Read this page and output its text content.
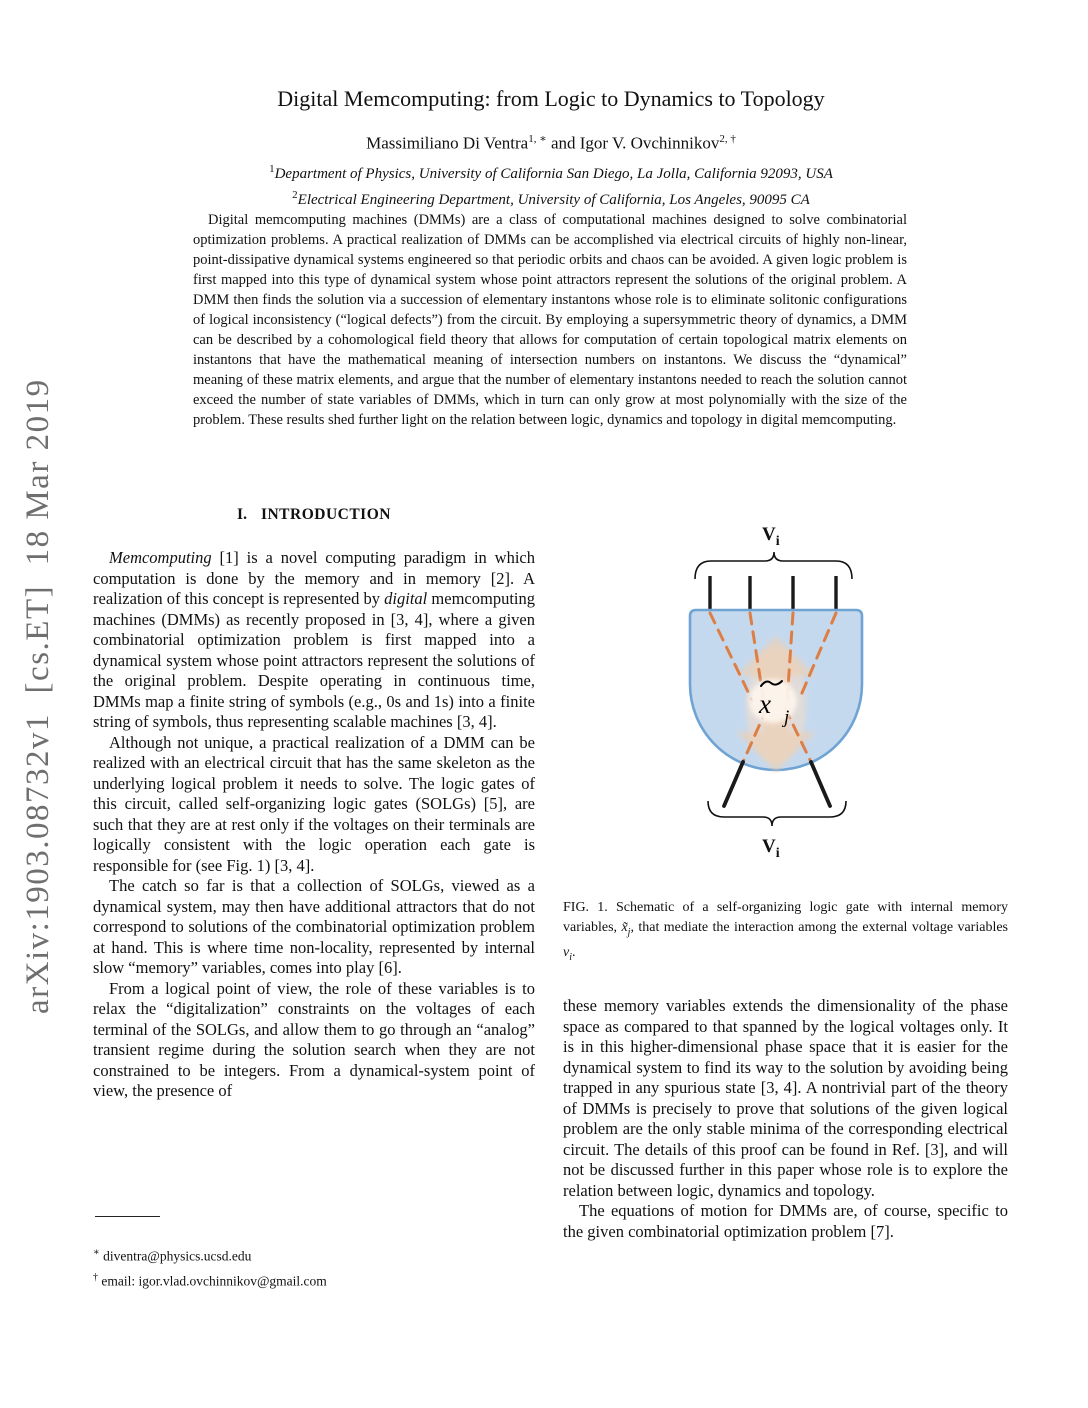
arXiv:1903.08732v1  [cs.ET]  18 Mar 2019
Digital Memcomputing: from Logic to Dynamics to Topology
Massimiliano Di Ventra$^{1, ∗}$ and Igor V. Ovchinnikov$^{2, \dagger}$
$^1$Department of Physics, University of California San Diego, La Jolla, California 92093, USA
$^2$Electrical Engineering Department, University of California, Los Angeles, 90095 CA
Digital memcomputing machines (DMMs) are a class of computational machines designed to solve combinatorial optimization problems. A practical realization of DMMs can be accomplished via electrical circuits of highly non-linear, point-dissipative dynamical systems engineered so that periodic orbits and chaos can be avoided. A given logic problem is first mapped into this type of dynamical system whose point attractors represent the solutions of the original problem. A DMM then finds the solution via a succession of elementary instantons whose role is to eliminate solitonic configurations of logical inconsistency (“logical defects”) from the circuit. By employing a supersymmetric theory of dynamics, a DMM can be described by a cohomological field theory that allows for computation of certain topological matrix elements on instantons that have the mathematical meaning of intersection numbers on instantons. We discuss the “dynamical” meaning of these matrix elements, and argue that the number of elementary instantons needed to reach the solution cannot exceed the number of state variables of DMMs, which in turn can only grow at most polynomially with the size of the problem. These results shed further light on the relation between logic, dynamics and topology in digital memcomputing.
I. INTRODUCTION

Memcomputing [1] is a novel computing paradigm in which computation is done by the memory and in memory [2]. A realization of this concept is represented by digital memcomputing machines (DMMs) as recently proposed in [3, 4], where a given combinatorial optimization problem is first mapped into a dynamical system whose point attractors represent the solutions of the original problem. Despite operating in continuous time, DMMs map a finite string of symbols (e.g., 0s and 1s) into a finite string of symbols, thus representing scalable machines [3, 4].

Although not unique, a practical realization of a DMM can be realized with an electrical circuit that has the same skeleton as the underlying logical problem it needs to solve. The logic gates of this circuit, called self-organizing logic gates (SOLGs) [5], are such that they are at rest only if the voltages on their terminals are logically consistent with the logic operation each gate is responsible for (see Fig. 1) [3, 4].

The catch so far is that a collection of SOLGs, viewed as a dynamical system, may then have additional attractors that do not correspond to solutions of the combinatorial optimization problem at hand. This is where time non-locality, represented by internal slow “memory” variables, comes into play [6].

From a logical point of view, the role of these variables is to relax the “digitalization” constraints on the voltages of each terminal of the SOLGs, and allow them to go through an “analog” transient regime during the solution search when they are not constrained to be integers. From a dynamical-system point of view, the presence of

∗ diventra@physics.ucsd.edu
† email: igor.vlad.ovchinnikov@gmail.com
$V_i$
x j
$V_i$
FIG. 1. Schematic of a self-organizing logic gate with internal memory variables, $x̃_j$, that mediate the interaction among the external voltage variables $v_i$.

these memory variables extends the dimensionality of the phase space as compared to that spanned by the logical voltages only. It is in this higher-dimensional phase space that it is easier for the dynamical system to find its way to the solution by avoiding being trapped in any spurious state [3, 4]. A nontrivial part of the theory of DMMs is precisely to prove that solutions of the given logical problem are the only stable minima of the corresponding electrical circuit. The details of this proof can be found in Ref. [3], and will not be discussed further in this paper whose role is to explore the relation between logic, dynamics and topology.

The equations of motion for DMMs are, of course, specific to the given combinatorial optimization problem [7].
